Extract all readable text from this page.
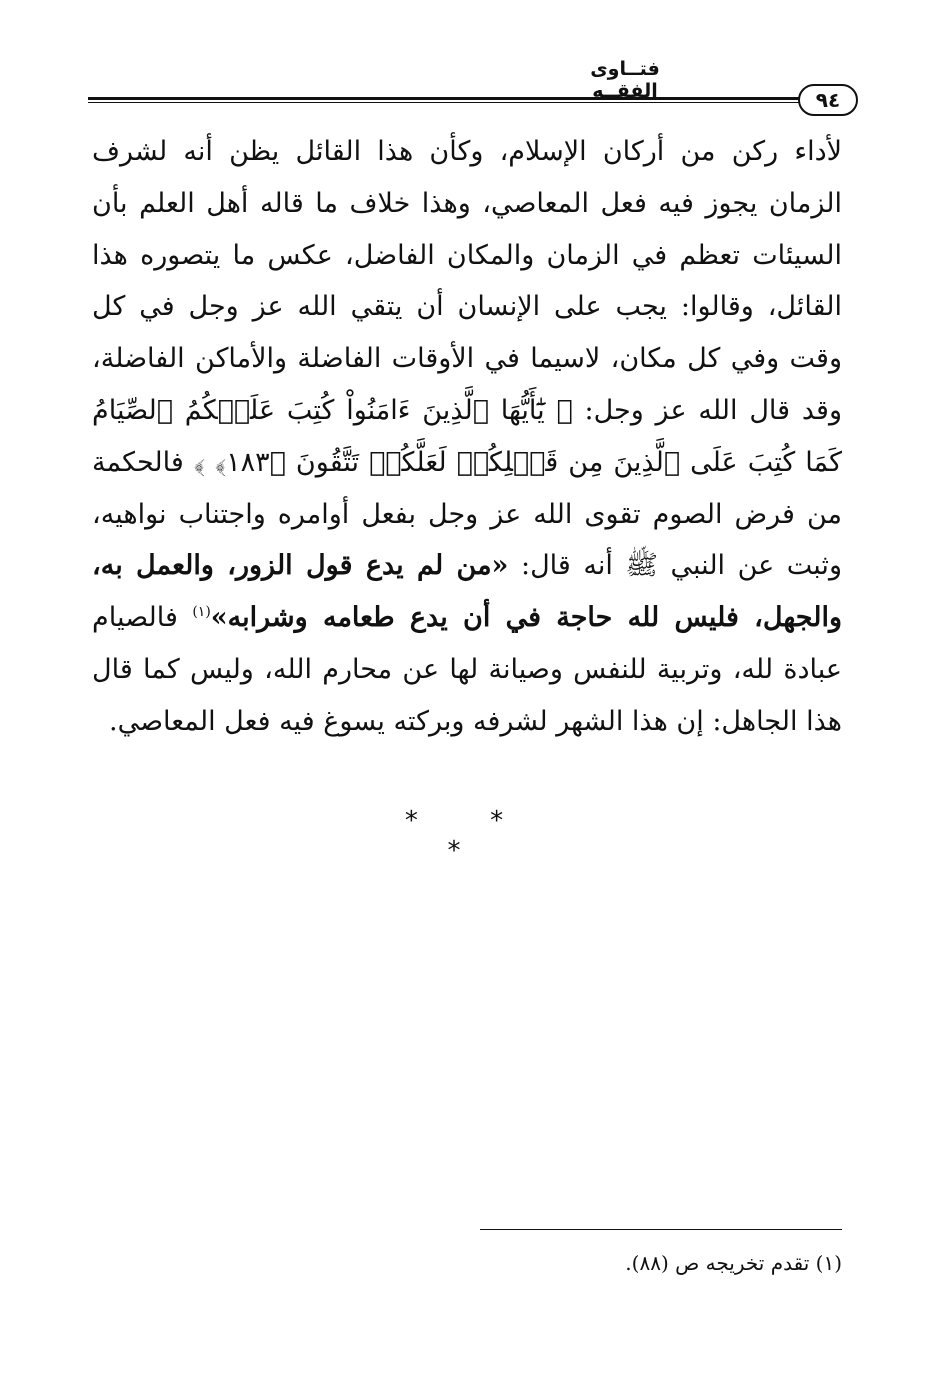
فتــاوى الفقــه	٩٤
لأداء ركن من أركان الإسلام، وكأن هذا القائل يظن أنه لشرف الزمان يجوز فيه فعل المعاصي، وهذا خلاف ما قاله أهل العلم بأن السيئات تعظم في الزمان والمكان الفاضل، عكس ما يتصوره هذا القائل، وقالوا: يجب على الإنسان أن يتقي الله عز وجل في كل وقت وفي كل مكان، لاسيما في الأوقات الفاضلة والأماكن الفاضلة، وقد قال الله عز وجل: ﴿ يَٰٓأَيُّهَا ٱلَّذِينَ ءَامَنُواْ كُتِبَ عَلَيۡكُمُ ٱلصِّيَامُ كَمَا كُتِبَ عَلَى ٱلَّذِينَ مِن قَبۡلِكُمۡ لَعَلَّكُمۡ تَتَّقُونَ ﴿١٨٣﴾ ﴾ فالحكمة من فرض الصوم تقوى الله عز وجل بفعل أوامره واجتناب نواهيه، وثبت عن النبي ﷺ أنه قال: «من لم يدع قول الزور، والعمل به، والجهل، فليس لله حاجة في أن يدع طعامه وشرابه»$^{(١)}$ فالصيام عبادة لله، وتربية للنفس وصيانة لها عن محارم الله، وليس كما قال هذا الجاهل: إن هذا الشهر لشرفه وبركته يسوغ فيه فعل المعاصي.
* * *
(١) تقدم تخريجه ص (٨٨).
